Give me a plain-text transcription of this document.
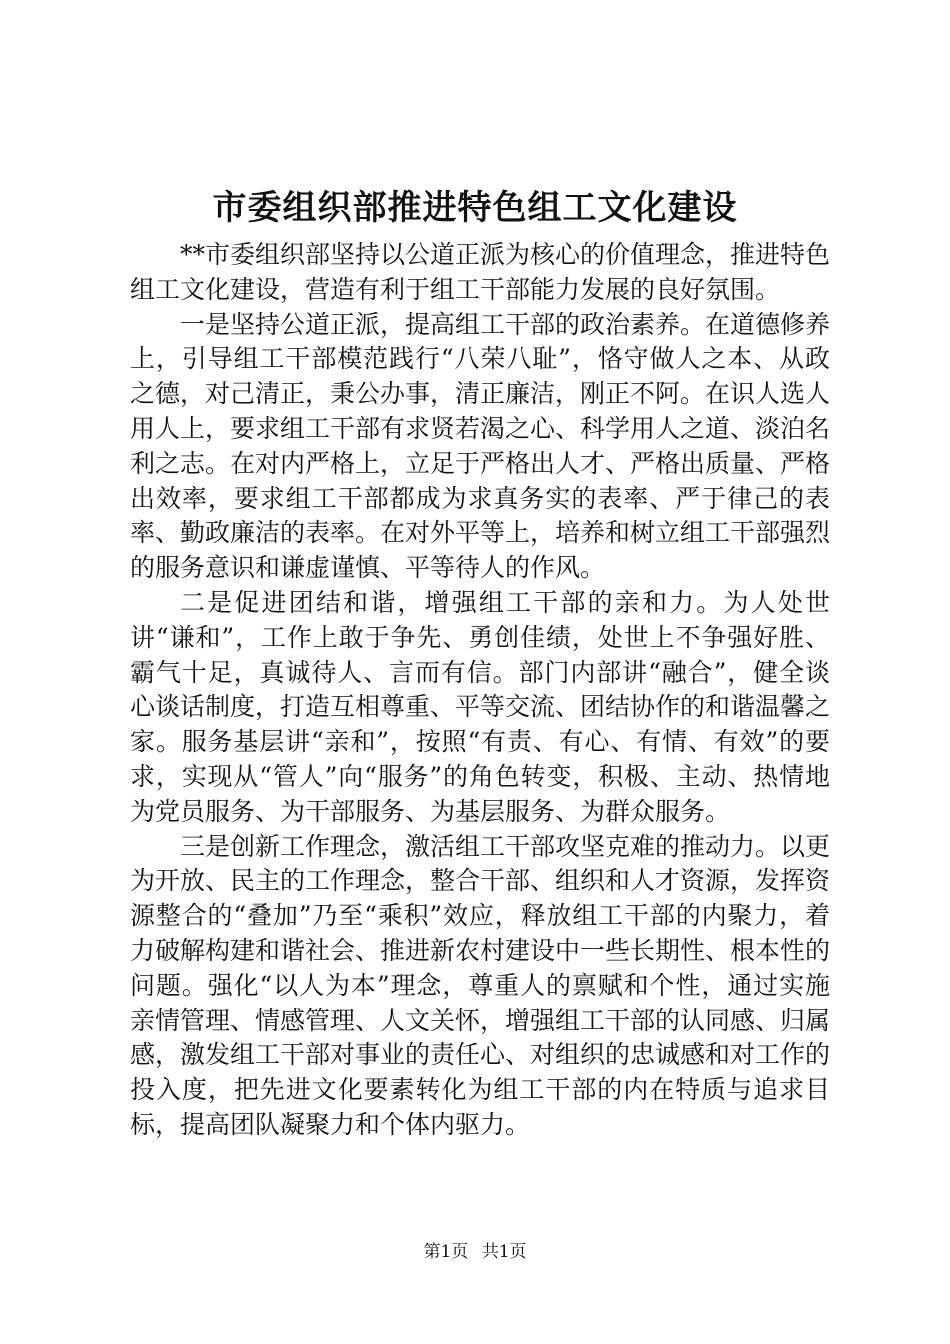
市委组织部推进特色组工文化建设

**市委组织部坚持以公道正派为核心的价值理念，推进特色组工文化建设，营造有利于组工干部能力发展的良好氛围。

一是坚持公道正派，提高组工干部的政治素养。在道德修养上，引导组工干部模范践行“八荣八耻”，恪守做人之本、从政之德，对己清正，秉公办事，清正廉洁，刚正不阿。在识人选人用人上，要求组工干部有求贤若渴之心、科学用人之道、淡泊名利之志。在对内严格上，立足于严格出人才、严格出质量、严格出效率，要求组工干部都成为求真务实的表率、严于律己的表率、勤政廉洁的表率。在对外平等上，培养和树立组工干部强烈的服务意识和谦虚谨慎、平等待人的作风。

二是促进团结和谐，增强组工干部的亲和力。为人处世讲“谦和”，工作上敢于争先、勇创佳绩，处世上不争强好胜、霸气十足，真诚待人、言而有信。部门内部讲“融合”，健全谈心谈话制度，打造互相尊重、平等交流、团结协作的和谐温馨之家。服务基层讲“亲和”，按照“有责、有心、有情、有效”的要求，实现从“管人”向“服务”的角色转变，积极、主动、热情地为党员服务、为干部服务、为基层服务、为群众服务。

三是创新工作理念，激活组工干部攻坚克难的推动力。以更为开放、民主的工作理念，整合干部、组织和人才资源，发挥资源整合的“叠加”乃至“乘积”效应，释放组工干部的内聚力，着力破解构建和谐社会、推进新农村建设中一些长期性、根本性的问题。强化“以人为本”理念，尊重人的禀赋和个性，通过实施亲情管理、情感管理、人文关怀，增强组工干部的认同感、归属感，激发组工干部对事业的责任心、对组织的忠诚感和对工作的投入度，把先进文化要素转化为组工干部的内在特质与追求目标，提高团队凝聚力和个体内驱力。

第1页 共1页
